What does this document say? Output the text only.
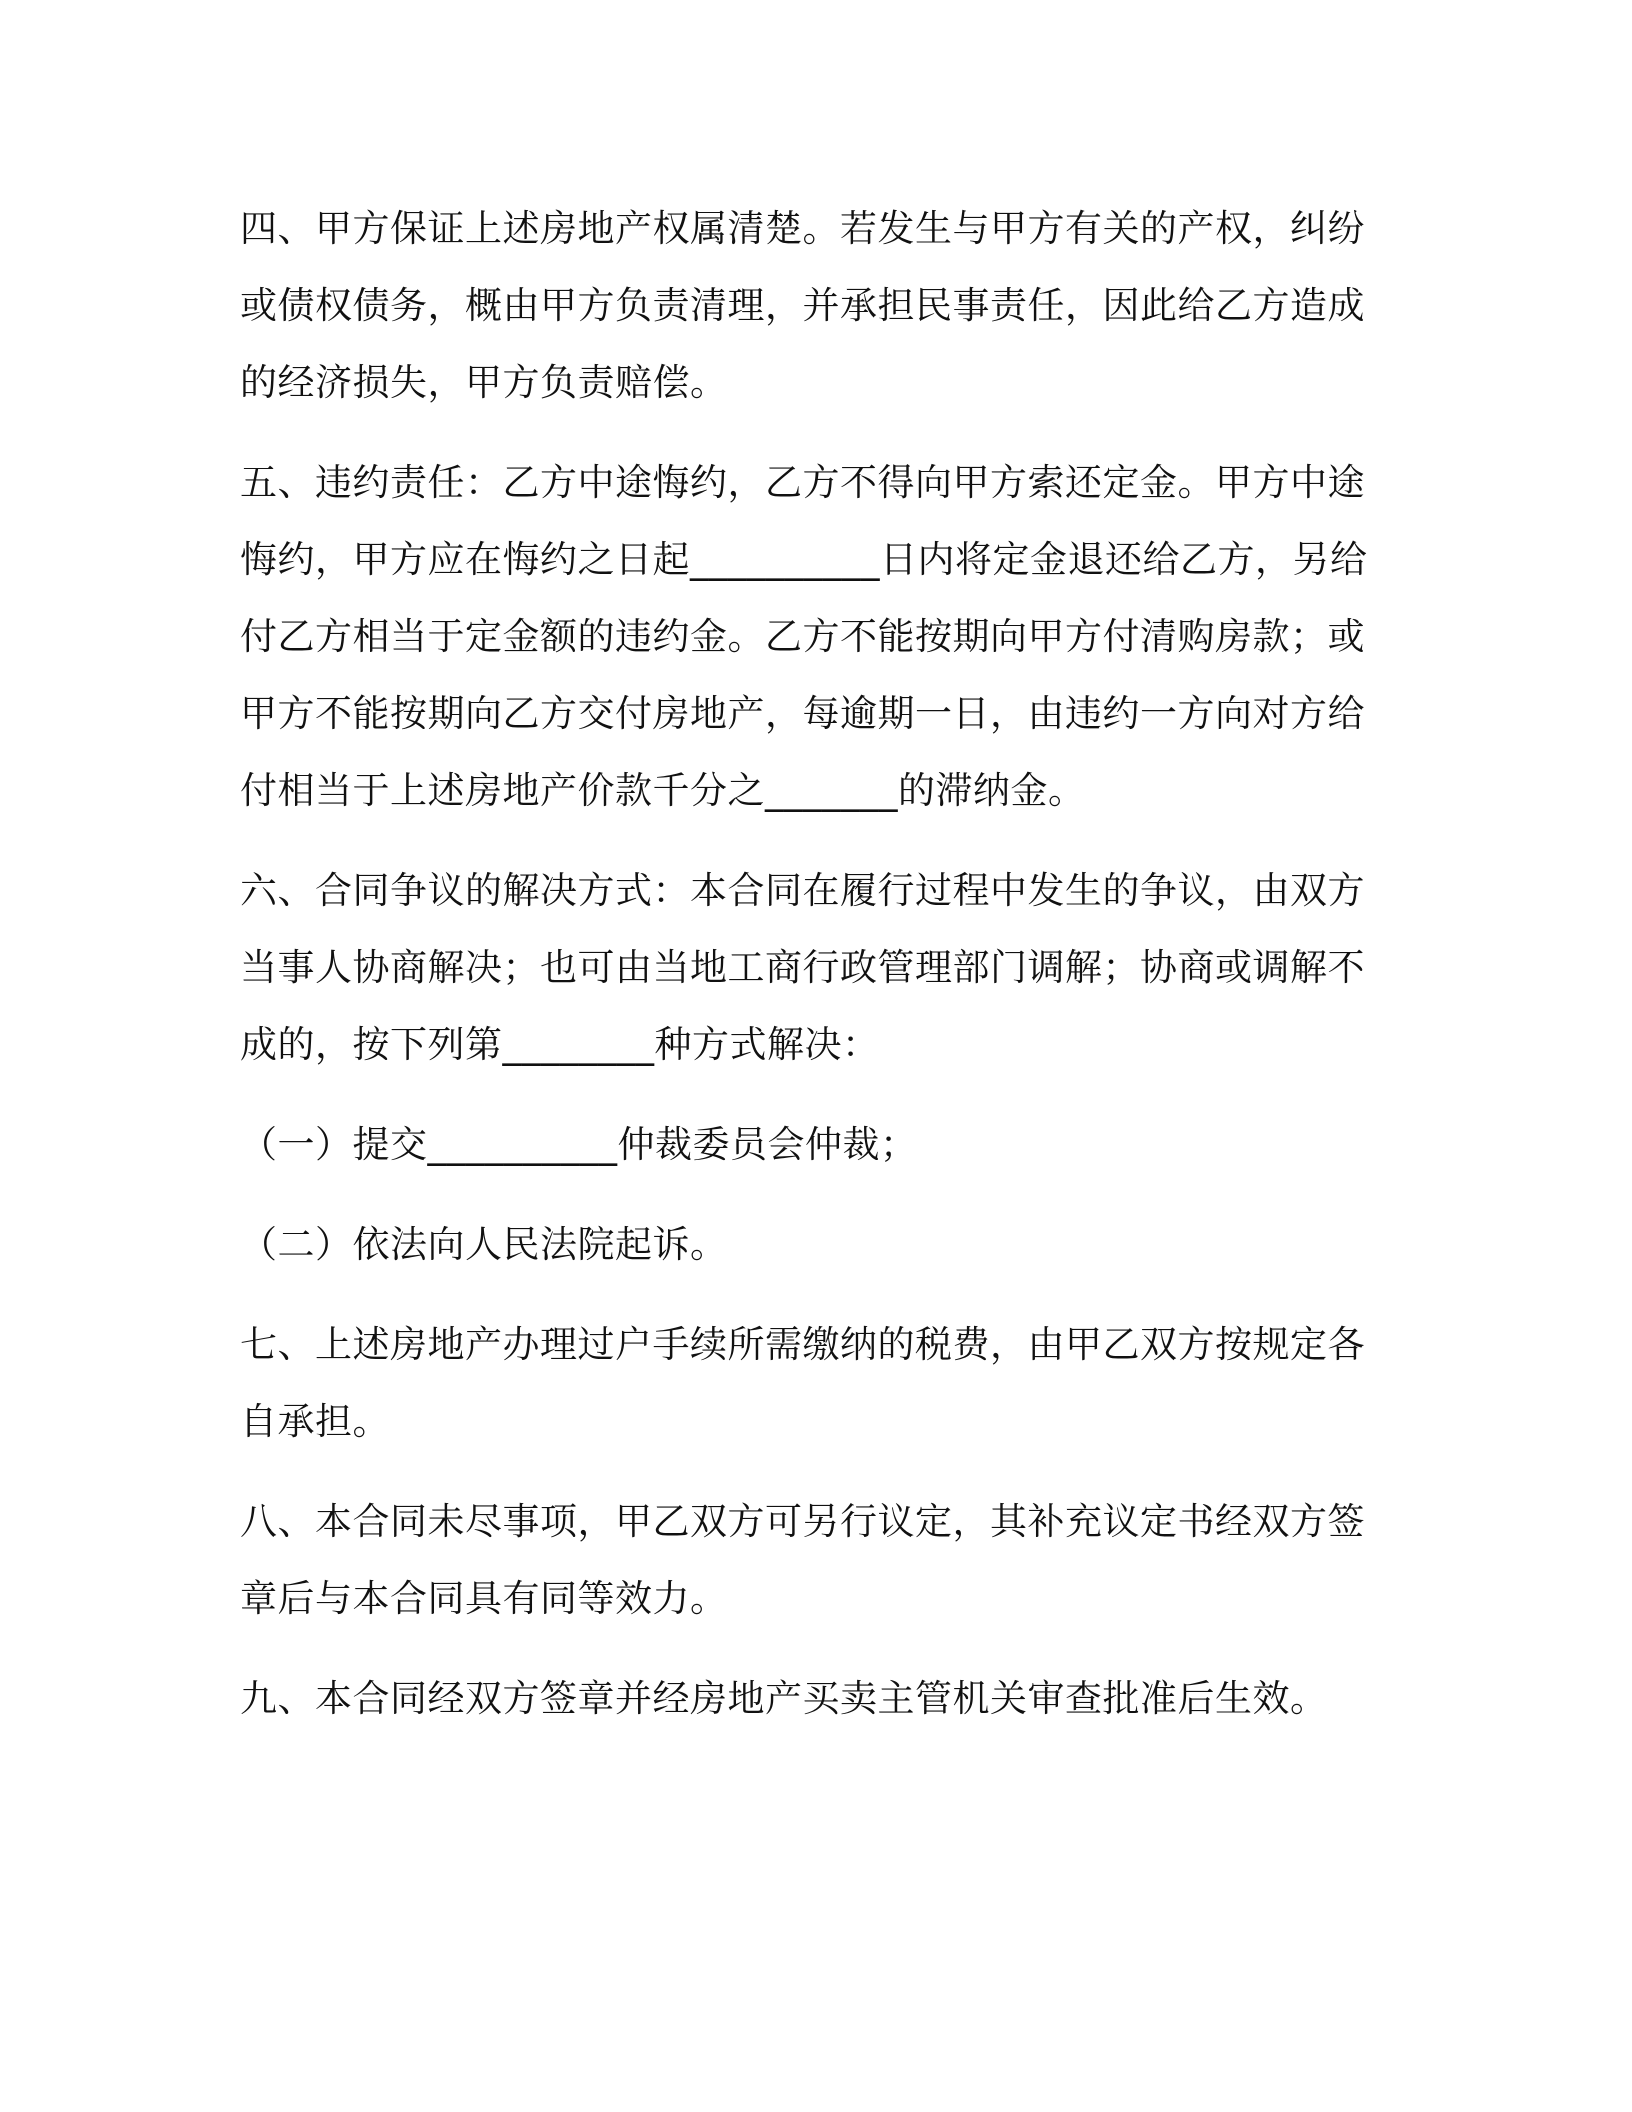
四、甲方保证上述房地产权属清楚。若发生与甲方有关的产权，纠纷
或债权债务，概由甲方负责清理，并承担民事责任，因此给乙方造成
的经济损失，甲方负责赔偿。

五、违约责任：乙方中途悔约，乙方不得向甲方索还定金。甲方中途
悔约，甲方应在悔约之日起__________日内将定金退还给乙方，另给
付乙方相当于定金额的违约金。乙方不能按期向甲方付清购房款；或
甲方不能按期向乙方交付房地产，每逾期一日，由违约一方向对方给
付相当于上述房地产价款千分之_______的滞纳金。

六、合同争议的解决方式：本合同在履行过程中发生的争议，由双方
当事人协商解决；也可由当地工商行政管理部门调解；协商或调解不
成的，按下列第________种方式解决：

（一）提交__________仲裁委员会仲裁；

（二）依法向人民法院起诉。

七、上述房地产办理过户手续所需缴纳的税费，由甲乙双方按规定各
自承担。

八、本合同未尽事项，甲乙双方可另行议定，其补充议定书经双方签
章后与本合同具有同等效力。

九、本合同经双方签章并经房地产买卖主管机关审查批准后生效。
